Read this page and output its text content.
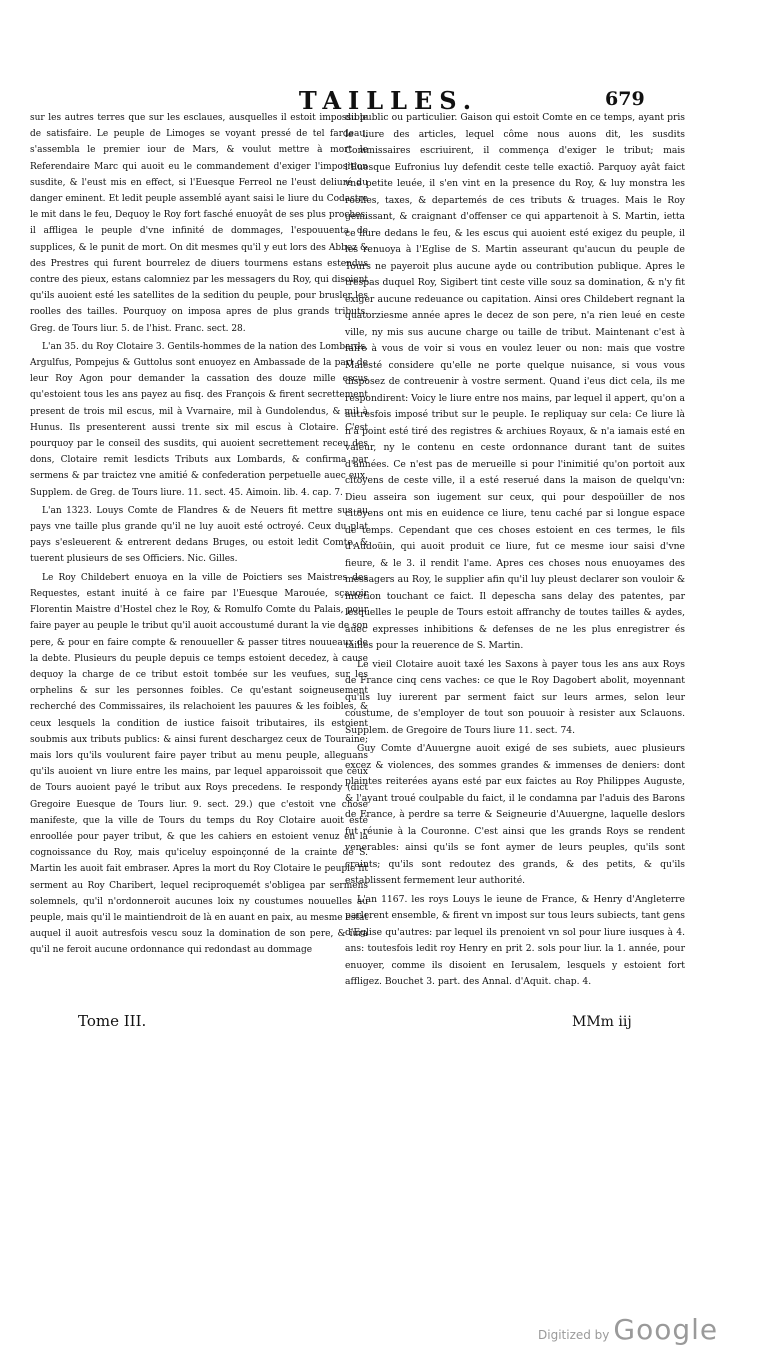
TAILLES.	679

sur les autres terres que sur les esclaues, ausquelles il estoit impossible de satisfaire. Le peuple de Limoges se voyant pressé de tel fardeau, s'assembla le premier iour de Mars, & voulut mettre à mort le Referendaire Marc qui auoit eu le commandement d'exiger l'imposition susdite, & l'eust mis en effect, si l'Euesque Ferreol ne l'eust deliuré du danger eminent. Et ledit peuple assemblé ayant saisi le liure du Codastre le mit dans le feu, Dequoy le Roy fort fasché enuoyât de ses plus proches, il affligea le peuple d'vne infinité de dommages, l'espouuenta de supplices, & le punit de mort. On dit mesmes qu'il y eut lors des Abbez & des Prestres qui furent bourrelez de diuers tourmens estans estendus contre des pieux, estans calomniez par les messagers du Roy, qui disoient qu'ils auoient esté les satellites de la sedition du peuple, pour brusler les roolles des tailles. Pourquoy on imposa apres de plus grands tributs. Greg. de Tours liur. 5. de l'hist. Franc. sect. 28.

L'an 35. du Roy Clotaire 3. Gentils-hommes de la nation des Lombards, Argulfus, Pompejus & Guttolus sont enuoyez en Ambassade de la part de leur Roy Agon pour demander la cassation des douze mille escus qu'estoient tous les ans payez au fisq. des François & firent secrettement present de trois mil escus, mil à Vvarnaire, mil à Gundolendus, & mil à Hunus. Ils presenterent aussi trente six mil escus à Clotaire. C'est pourquoy par le conseil des susdits, qui auoient secrettement receu des dons, Clotaire remit lesdicts Tributs aux Lombards, & confirma par sermens & par traictez vne amitié & confederation perpetuelle auec eux. Supplem. de Greg. de Tours liure. 11. sect. 45. Aimoin. lib. 4. cap. 7.

L'an 1323. Louys Comte de Flandres & de Neuers fit mettre sus au pays vne taille plus grande qu'il ne luy auoit esté octroyé. Ceux du plat pays s'esleuerent & entrerent dedans Bruges, ou estoit ledit Comte, & tuerent plusieurs de ses Officiers. Nic. Gilles.

Le Roy Childebert enuoya en la ville de Poictiers ses Maistres des Requestes, estant inuité à ce faire par l'Euesque Marouée, sçauoir Florentin Maistre d'Hostel chez le Roy, & Romulfo Comte du Palais, pour faire payer au peuple le tribut qu'il auoit accoustumé durant la vie de son pere, & pour en faire compte & renouueller & passer titres nouueaux de la debte. Plusieurs du peuple depuis ce temps estoient decedez, à cause dequoy la charge de ce tribut estoit tombée sur les veufues, sur les orphelins & sur les personnes foibles. Ce qu'estant soigneusement recherché des Commissaires, ils relachoient les pauures & les foibles, & ceux lesquels la condition de iustice faisoit tributaires, ils estoient soubmis aux tributs publics: & ainsi furent deschargez ceux de Touraine; mais lors qu'ils voulurent faire payer tribut au menu peuple, alleguans qu'ils auoient vn liure entre les mains, par lequel apparoissoit que ceux de Tours auoient payé le tribut aux Roys precedens. Ie respondy (dict Gregoire Euesque de Tours liur. 9. sect. 29.) que c'estoit vne chose manifeste, que la ville de Tours du temps du Roy Clotaire auoit esté enroollée pour payer tribut, & que les cahiers en estoient venuz en la cognoissance du Roy, mais qu'iceluy espoinçonné de la crainte de S. Martin les auoit fait embraser. Apres la mort du Roy Clotaire le peuple fit serment au Roy Charibert, lequel reciproquemét s'obligea par sermens solemnels, qu'il n'ordonneroit aucunes loix ny coustumes nouuelles au peuple, mais qu'il le maintiendroit de là en auant en paix, au mesme estat auquel il auoit autresfois vescu souz la domination de son pere, & iura qu'il ne feroit aucune ordonnance qui redondast au dommage

du public ou particulier. Gaison qui estoit Comte en ce temps, ayant pris le liure des articles, lequel côme nous auons dit, les susdits Commissaires escriuirent, il commença d'exiger le tribut; mais l'Euesque Eufronius luy defendit ceste telle exactiô. Parquoy ayât faict vne petite leuée, il s'en vint en la presence du Roy, & luy monstra les roolles, taxes, & departemés de ces tributs & truages. Mais le Roy gemissant, & craignant d'offenser ce qui appartenoit à S. Martin, ietta ce liure dedans le feu, & les escus qui auoient esté exigez du peuple, il les renuoya à l'Eglise de S. Martin asseurant qu'aucun du peuple de Tours ne payeroit plus aucune ayde ou contribution publique. Apres le trespas duquel Roy, Sigibert tint ceste ville souz sa domination, & n'y fit exiger aucune redeuance ou capitation. Ainsi ores Childebert regnant la quatorziesme année apres le decez de son pere, n'a rien leué en ceste ville, ny mis sus aucune charge ou taille de tribut. Maintenant c'est à faire à vous de voir si vous en voulez leuer ou non: mais que vostre Maiesté considere qu'elle ne porte quelque nuisance, si vous vous disposez de contreuenir à vostre serment. Quand i'eus dict cela, ils me respondirent: Voicy le liure entre nos mains, par lequel il appert, qu'on a autresfois imposé tribut sur le peuple. Ie repliquay sur cela: Ce liure là n'a point esté tiré des registres & archiues Royaux, & n'a iamais esté en valeur, ny le contenu en ceste ordonnance durant tant de suites d'années. Ce n'est pas de merueille si pour l'inimitié qu'on portoit aux citoyens de ceste ville, il a esté reserué dans la maison de quelqu'vn: Dieu asseira son iugement sur ceux, qui pour despoüiller de nos citoyens ont mis en euidence ce liure, tenu caché par si longue espace de temps. Cependant que ces choses estoient en ces termes, le fils d'Audoüin, qui auoit produit ce liure, fut ce mesme iour saisi d'vne fieure, & le 3. il rendit l'ame. Apres ces choses nous enuoyames des messagers au Roy, le supplier afin qu'il luy pleust declarer son vouloir & intétion touchant ce faict. Il depescha sans delay des patentes, par lesquelles le peuple de Tours estoit affranchy de toutes tailles & aydes, auec expresses inhibitions & defenses de ne les plus enregistrer és tailles pour la reuerence de S. Martin.

Le vieil Clotaire auoit taxé les Saxons à payer tous les ans aux Roys de France cinq cens vaches: ce que le Roy Dagobert abolit, moyennant qu'ils luy iurerent par serment faict sur leurs armes, selon leur coustume, de s'employer de tout son pouuoir à resister aux Sclauons. Supplem. de Gregoire de Tours liure 11. sect. 74.

Guy Comte d'Auuergne auoit exigé de ses subiets, auec plusieurs excez & violences, des sommes grandes & immenses de deniers: dont plaintes reiterées ayans esté par eux faictes au Roy Philippes Auguste, & l'ayant troué coulpable du faict, il le condamna par l'aduis des Barons de France, à perdre sa terre & Seigneurie d'Auuergne, laquelle deslors fut réunie à la Couronne. C'est ainsi que les grands Roys se rendent venerables: ainsi qu'ils se font aymer de leurs peuples, qu'ils sont craints; qu'ils sont redoutez des grands, & des petits, & qu'ils establissent fermement leur authorité.

L'an 1167. les roys Louys le ieune de France, & Henry d'Angleterre parlerent ensemble, & firent vn impost sur tous leurs subiects, tant gens d'Eglise qu'autres: par lequel ils prenoient vn sol pour liure iusques à 4. ans: toutesfois ledit roy Henry en prit 2. sols pour liur. la 1. année, pour enuoyer, comme ils disoient en Ierusalem, lesquels y estoient fort affligez. Bouchet 3. part. des Annal. d'Aquit. chap. 4.

Tome III.	MMm iij
Digitized by Google
